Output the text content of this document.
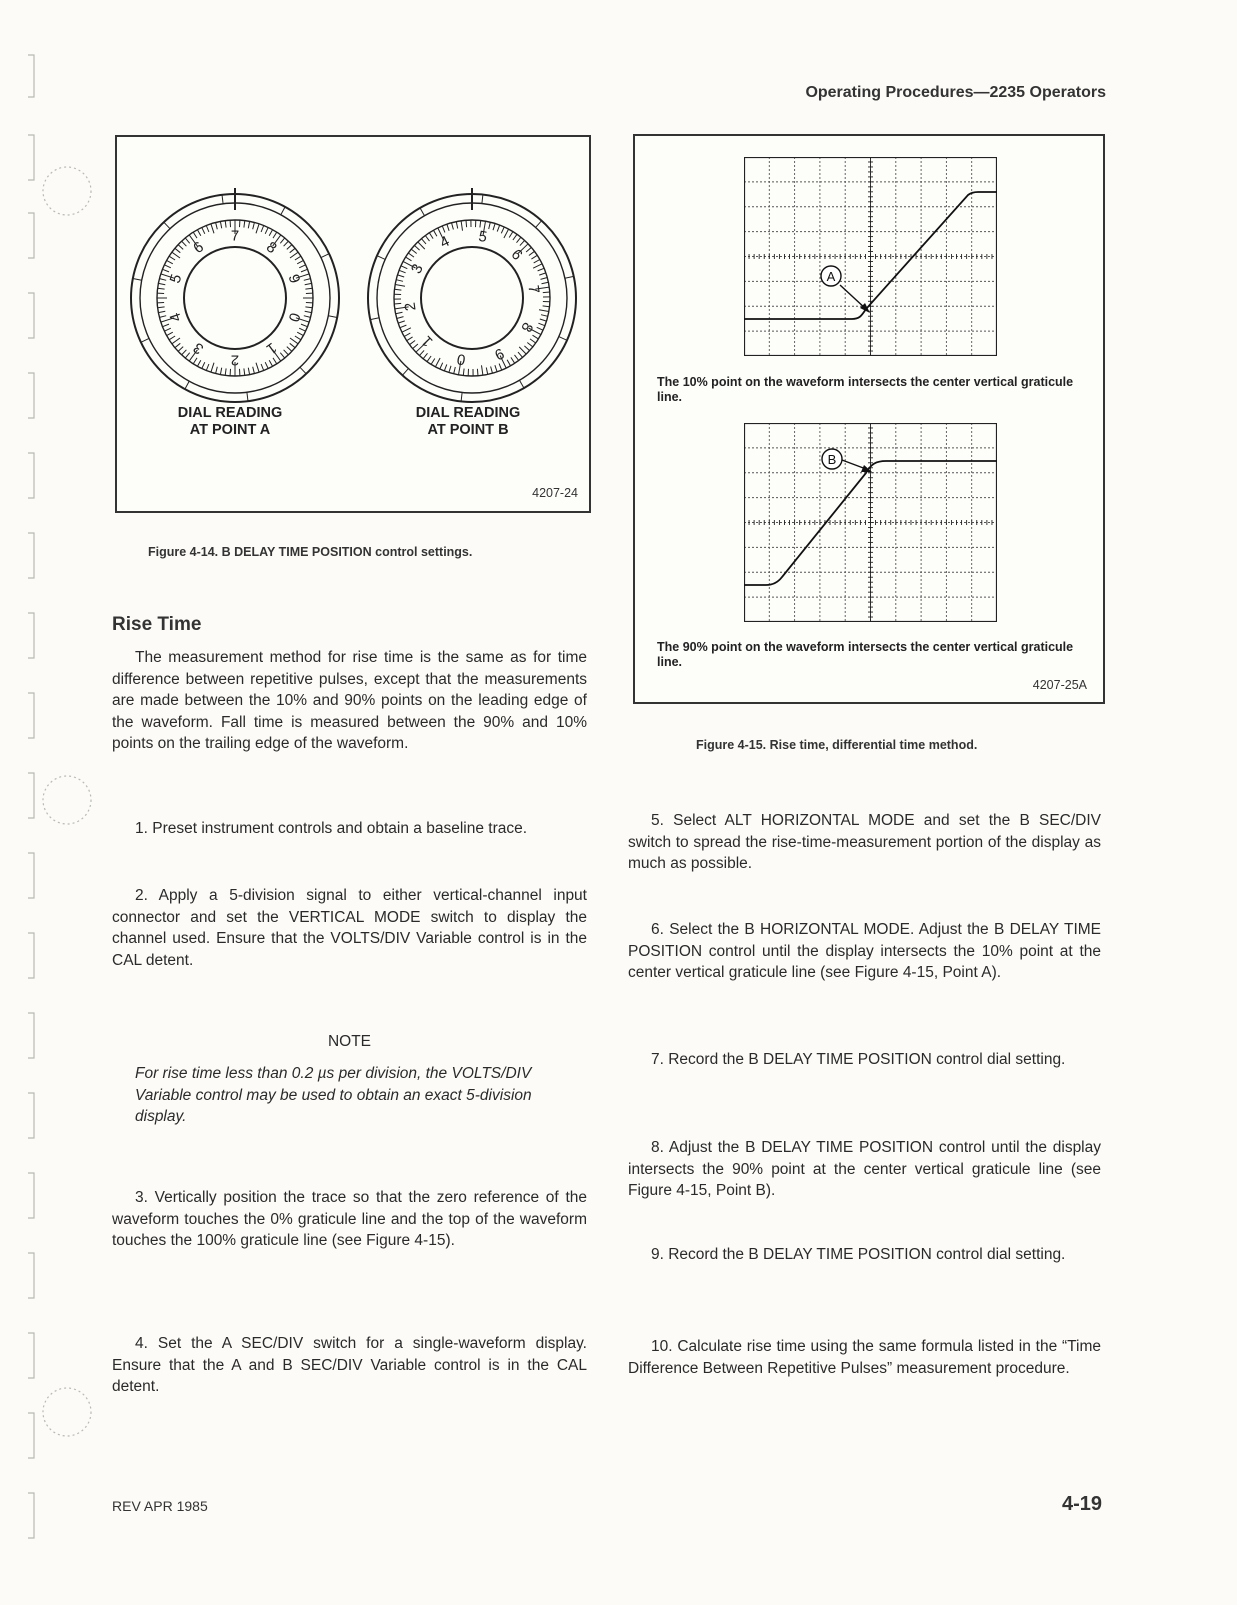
Operating Procedures—2235 Operators
0
1
2
3
4
5
6
7
8
9
0
1
2
3
4 5
6
7
8
9
DIAL READING
AT POINT A
DIAL READING
AT POINT B
4207-24
Figure 4-14. B DELAY TIME POSITION control settings.
A
The 10% point on the waveform intersects the center vertical graticule line.
B
The 90% point on the waveform intersects the center vertical graticule line.
4207-25A
Figure 4-15. Rise time, differential time method.
Rise Time
The measurement method for rise time is the same as for time difference between repetitive pulses, except that the measurements are made between the 10% and 90% points on the leading edge of the waveform. Fall time is measured between the 90% and 10% points on the trailing edge of the waveform.
1. Preset instrument controls and obtain a baseline trace.
2. Apply a 5-division signal to either vertical-channel input connector and set the VERTICAL MODE switch to display the channel used. Ensure that the VOLTS/DIV Variable control is in the CAL detent.
NOTE
For rise time less than 0.2 µs per division, the VOLTS/DIV Variable control may be used to obtain an exact 5-division display.
3. Vertically position the trace so that the zero reference of the waveform touches the 0% graticule line and the top of the waveform touches the 100% graticule line (see Figure 4-15).
4. Set the A SEC/DIV switch for a single-waveform display. Ensure that the A and B SEC/DIV Variable control is in the CAL detent.
5. Select ALT HORIZONTAL MODE and set the B SEC/DIV switch to spread the rise-time-measurement portion of the display as much as possible.
6. Select the B HORIZONTAL MODE. Adjust the B DELAY TIME POSITION control until the display intersects the 10% point at the center vertical graticule line (see Figure 4-15, Point A).
7. Record the B DELAY TIME POSITION control dial setting.
8. Adjust the B DELAY TIME POSITION control until the display intersects the 90% point at the center vertical graticule line (see Figure 4-15, Point B).
9. Record the B DELAY TIME POSITION control dial setting.
10. Calculate rise time using the same formula listed in the “Time Difference Between Repetitive Pulses” measurement procedure.
REV APR 1985	4-19
